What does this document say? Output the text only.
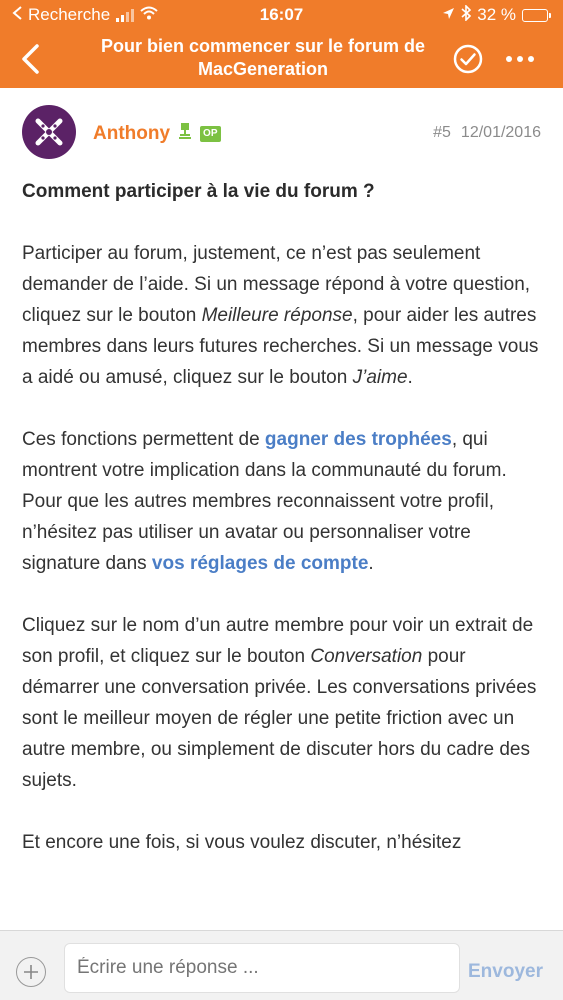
Recherche	16:07	32 %
Pour bien commencer sur le forum de MacGeneration
Anthony	OP	#5 12/01/2016
Comment participer à la vie du forum ?

Participer au forum, justement, ce n’est pas seulement demander de l’aide. Si un message répond à votre question, cliquez sur le bouton Meilleure réponse, pour aider les autres membres dans leurs futures recherches. Si un message vous a aidé ou amusé, cliquez sur le bouton J’aime.

Ces fonctions permettent de gagner des trophées, qui montrent votre implication dans la communauté du forum. Pour que les autres membres reconnaissent votre profil, n’hésitez pas utiliser un avatar ou personnaliser votre signature dans vos réglages de compte.

Cliquez sur le nom d’un autre membre pour voir un extrait de son profil, et cliquez sur le bouton Conversation pour démarrer une conversation privée. Les conversations privées sont le meilleur moyen de régler une petite friction avec un autre membre, ou simplement de discuter hors du cadre des sujets.

Et encore une fois, si vous voulez discuter, n’hésitez

Écrire une réponse ...
Envoyer
